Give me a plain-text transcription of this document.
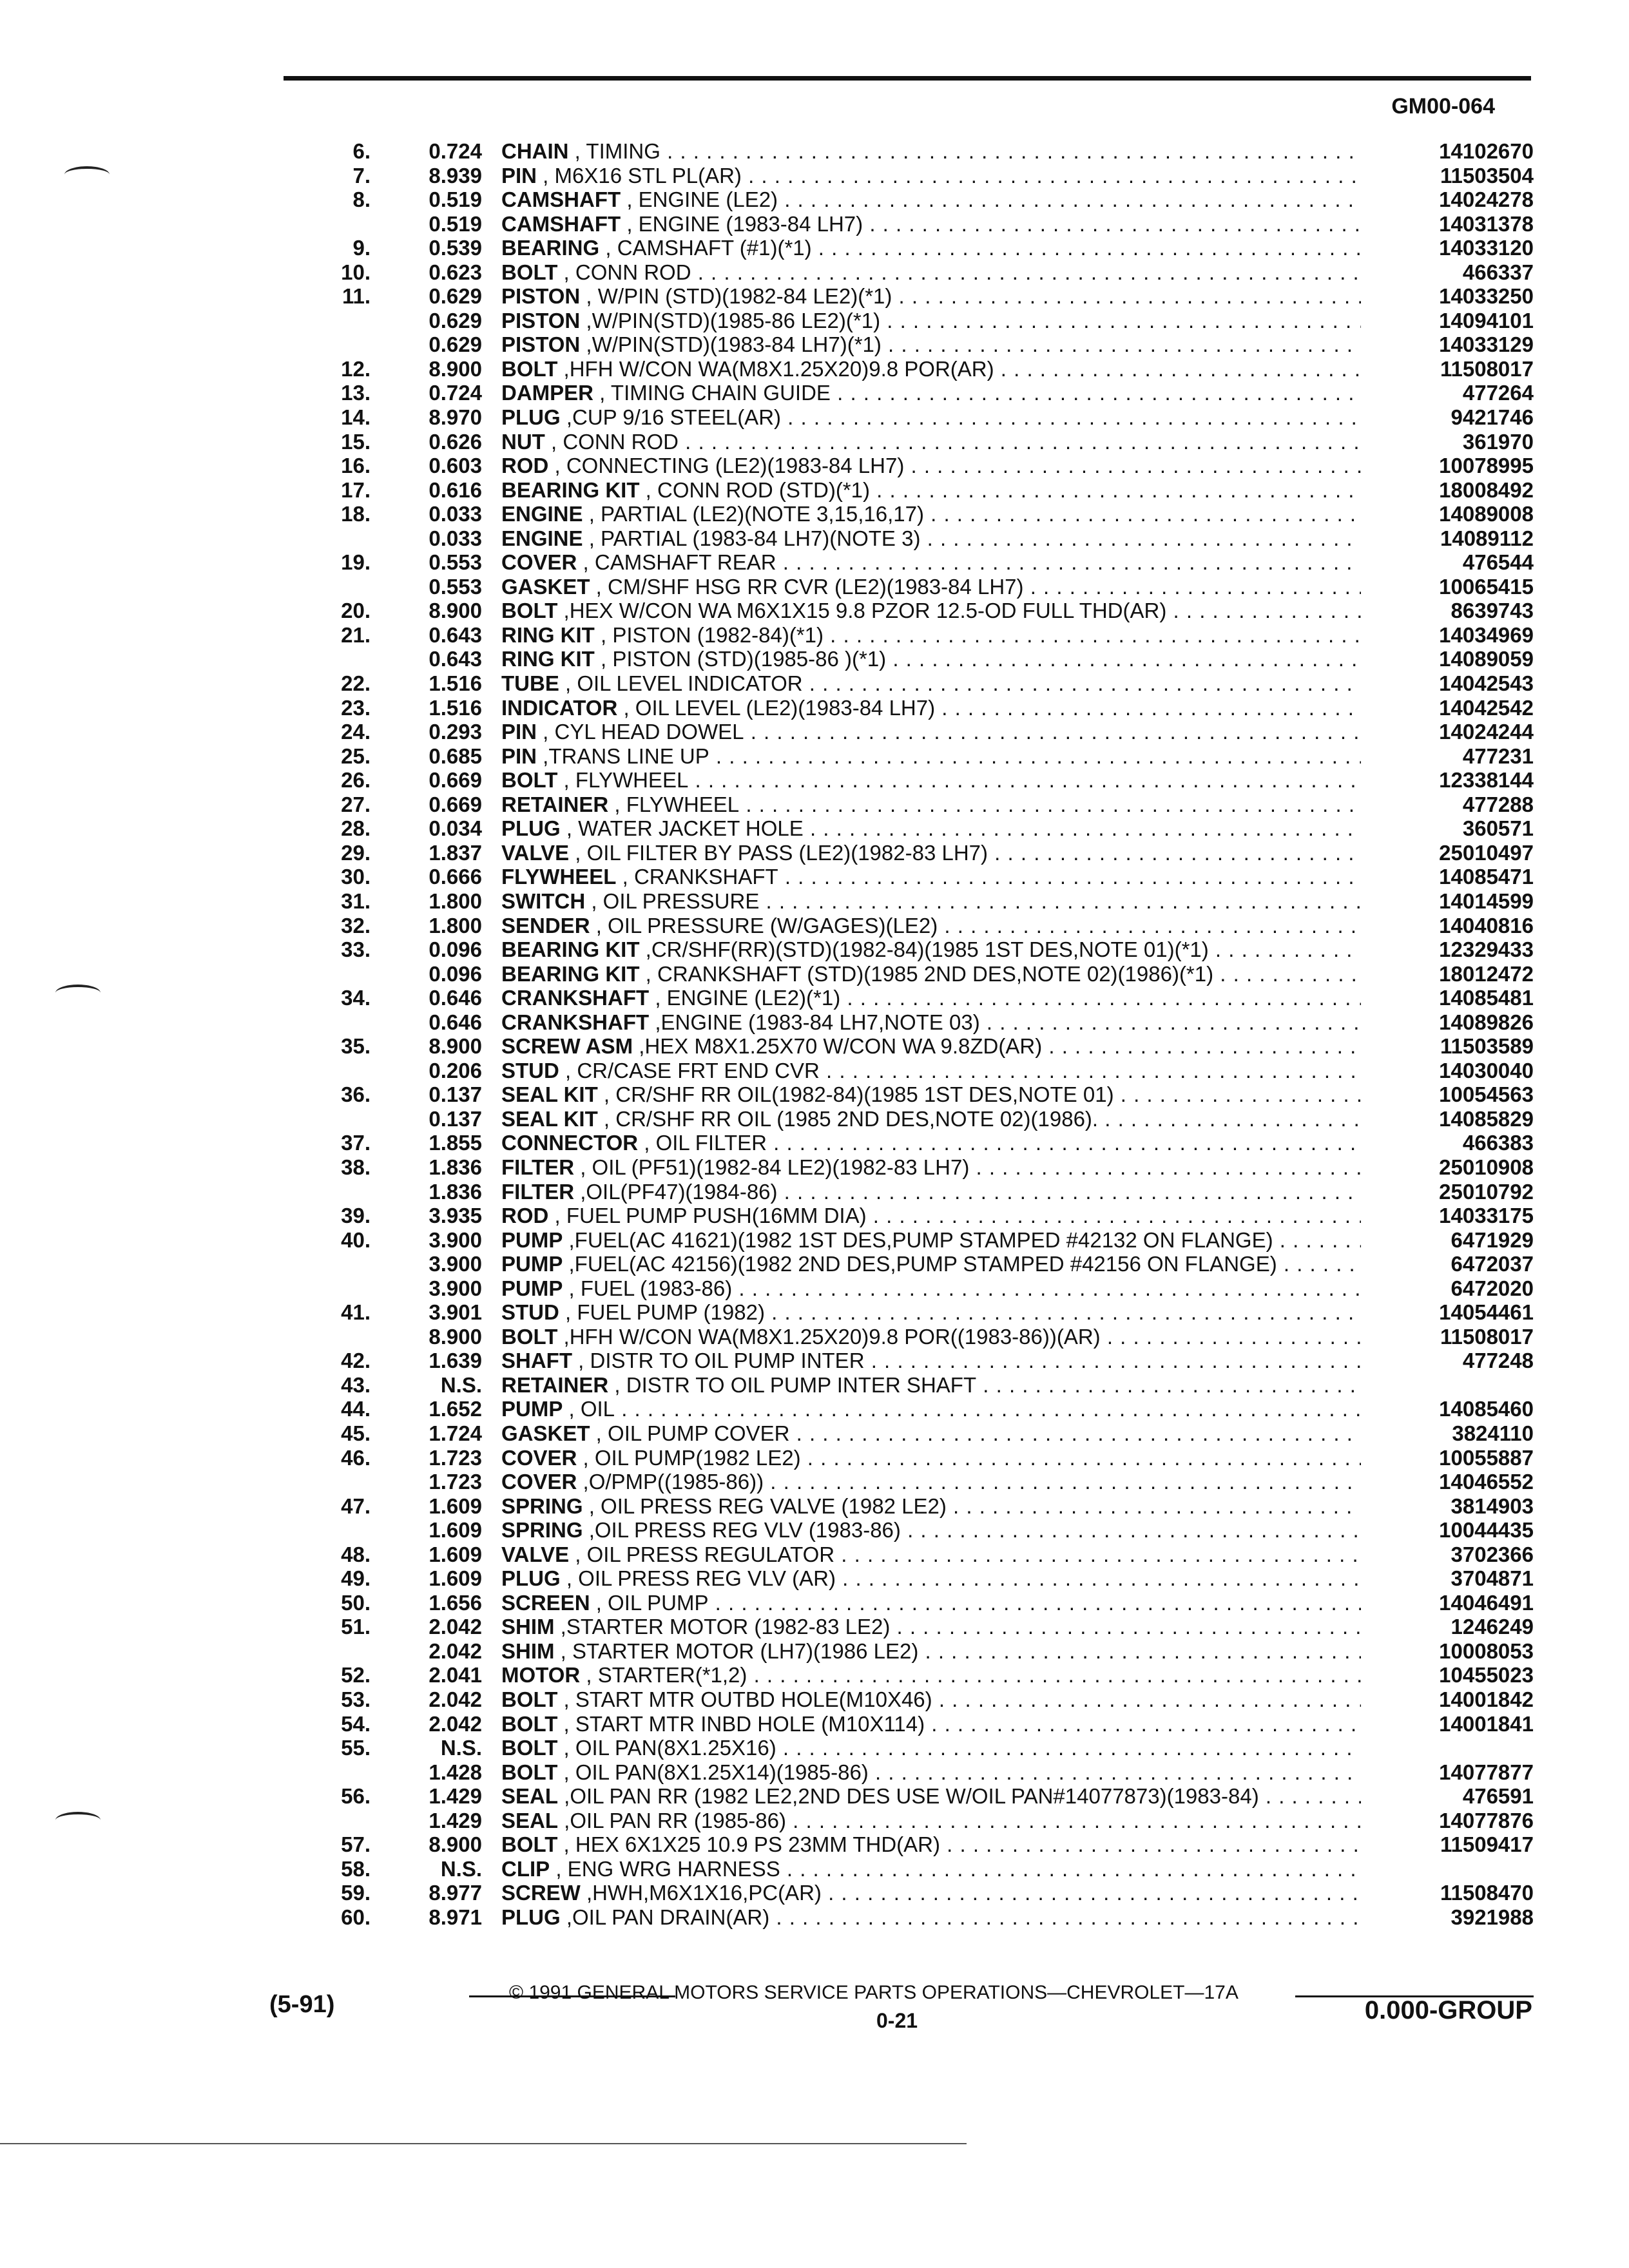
GM00-064
6.	0.724 CHAIN , TIMING . . .	14102670
7.	8.939 PIN , M6X16 STL PL(AR) . . .	11503504
8.	0.519 CAMSHAFT , ENGINE (LE2) . . .	14024278
0.519 CAMSHAFT , ENGINE (1983-84 LH7) . . .	14031378
9.	0.539 BEARING , CAMSHAFT (#1)(*1) . . .	14033120
10.	0.623 BOLT , CONN ROD . . .	466337
11.	0.629 PISTON , W/PIN (STD)(1982-84 LE2)(*1) . . .	14033250
0.629 PISTON ,W/PIN(STD)(1985-86 LE2)(*1) . . .	14094101
0.629 PISTON ,W/PIN(STD)(1983-84 LH7)(*1) . . .	14033129
12.	8.900 BOLT ,HFH W/CON WA(M8X1.25X20)9.8 POR(AR) . . .	11508017
13.	0.724 DAMPER , TIMING CHAIN GUIDE . . .	477264
14.	8.970 PLUG ,CUP 9/16 STEEL(AR) . . .	9421746
15.	0.626 NUT , CONN ROD . . .	361970
16.	0.603 ROD , CONNECTING (LE2)(1983-84 LH7) . . .	10078995
17.	0.616 BEARING KIT , CONN ROD (STD)(*1) . . .	18008492
18.	0.033 ENGINE , PARTIAL (LE2)(NOTE 3,15,16,17) . . .	14089008
0.033 ENGINE , PARTIAL (1983-84 LH7)(NOTE 3) . . .	14089112
19.	0.553 COVER , CAMSHAFT REAR . . .	476544
0.553 GASKET , CM/SHF HSG RR CVR (LE2)(1983-84 LH7) . . .	10065415
20.	8.900 BOLT ,HEX W/CON WA M6X1X15 9.8 PZOR 12.5-OD FULL THD(AR) . . .	8639743
21.	0.643 RING KIT , PISTON (1982-84)(*1) . . .	14034969
0.643 RING KIT , PISTON (STD)(1985-86 )(*1) . . .	14089059
22.	1.516 TUBE , OIL LEVEL INDICATOR . . .	14042543
23.	1.516 INDICATOR , OIL LEVEL (LE2)(1983-84 LH7) . . .	14042542
24.	0.293 PIN , CYL HEAD DOWEL . . .	14024244
25.	0.685 PIN ,TRANS LINE UP . . .	477231
26.	0.669 BOLT , FLYWHEEL . . .	12338144
27.	0.669 RETAINER , FLYWHEEL . . .	477288
28.	0.034 PLUG , WATER JACKET HOLE . . .	360571
29.	1.837 VALVE , OIL FILTER BY PASS (LE2)(1982-83 LH7) . . .	25010497
30.	0.666 FLYWHEEL , CRANKSHAFT . . .	14085471
31.	1.800 SWITCH , OIL PRESSURE . . .	14014599
32.	1.800 SENDER , OIL PRESSURE (W/GAGES)(LE2) . . .	14040816
33.	0.096 BEARING KIT ,CR/SHF(RR)(STD)(1982-84)(1985 1ST DES,NOTE 01)(*1) . . .	12329433
0.096 BEARING KIT , CRANKSHAFT (STD)(1985 2ND DES,NOTE 02)(1986)(*1) . . .	18012472
34.	0.646 CRANKSHAFT , ENGINE (LE2)(*1) . . .	14085481
0.646 CRANKSHAFT ,ENGINE (1983-84 LH7,NOTE 03) . . .	14089826
35.	8.900 SCREW ASM ,HEX M8X1.25X70 W/CON WA 9.8ZD(AR) . . .	11503589
0.206 STUD , CR/CASE FRT END CVR . . .	14030040
36.	0.137 SEAL KIT , CR/SHF RR OIL(1982-84)(1985 1ST DES,NOTE 01) . . .	10054563
0.137 SEAL KIT , CR/SHF RR OIL (1985 2ND DES,NOTE 02)(1986). . . .	14085829
37.	1.855 CONNECTOR , OIL FILTER . . .	466383
38.	1.836 FILTER , OIL (PF51)(1982-84 LE2)(1982-83 LH7) . . .	25010908
1.836 FILTER ,OIL(PF47)(1984-86) . . .	25010792
39.	3.935 ROD , FUEL PUMP PUSH(16MM DIA) . . .	14033175
40.	3.900 PUMP ,FUEL(AC 41621)(1982 1ST DES,PUMP STAMPED #42132 ON FLANGE) . . .	6471929
3.900 PUMP ,FUEL(AC 42156)(1982 2ND DES,PUMP STAMPED #42156 ON FLANGE) . . .	6472037
3.900 PUMP , FUEL (1983-86) . . .	6472020
41.	3.901 STUD , FUEL PUMP (1982) . . .	14054461
8.900 BOLT ,HFH W/CON WA(M8X1.25X20)9.8 POR((1983-86))(AR) . . .	11508017
42.	1.639 SHAFT , DISTR TO OIL PUMP INTER . . .	477248
43.	N.S. RETAINER , DISTR TO OIL PUMP INTER SHAFT . . .
44.	1.652 PUMP , OIL . . .	14085460
45.	1.724 GASKET , OIL PUMP COVER . . .	3824110
46.	1.723 COVER , OIL PUMP(1982 LE2) . . .	10055887
1.723 COVER ,O/PMP((1985-86)) . . .	14046552
47.	1.609 SPRING , OIL PRESS REG VALVE (1982 LE2) . . .	3814903
1.609 SPRING ,OIL PRESS REG VLV (1983-86) . . .	10044435
48.	1.609 VALVE , OIL PRESS REGULATOR . . .	3702366
49.	1.609 PLUG , OIL PRESS REG VLV (AR) . . .	3704871
50.	1.656 SCREEN , OIL PUMP . . .	14046491
51.	2.042 SHIM ,STARTER MOTOR (1982-83 LE2) . . .	1246249
2.042 SHIM , STARTER MOTOR (LH7)(1986 LE2) . . .	10008053
52.	2.041 MOTOR , STARTER(*1,2) . . .	10455023
53.	2.042 BOLT , START MTR OUTBD HOLE(M10X46) . . .	14001842
54.	2.042 BOLT , START MTR INBD HOLE (M10X114) . . .	14001841
55.	N.S. BOLT , OIL PAN(8X1.25X16) . . .
1.428 BOLT , OIL PAN(8X1.25X14)(1985-86) . . .	14077877
56.	1.429 SEAL ,OIL PAN RR (1982 LE2,2ND DES USE W/OIL PAN#14077873)(1983-84) . . .	476591
1.429 SEAL ,OIL PAN RR (1985-86) . . .	14077876
57.	8.900 BOLT , HEX 6X1X25 10.9 PS 23MM THD(AR) . . .	11509417
58.	N.S. CLIP , ENG WRG HARNESS . . .
59.	8.977 SCREW ,HWH,M6X1X16,PC(AR) . . .	11508470
60.	8.971 PLUG ,OIL PAN DRAIN(AR) . . .	3921988
© 1991 GENERAL MOTORS SERVICE PARTS OPERATIONS—CHEVROLET—17A
(5-91)
0-21	0.000-GROUP
